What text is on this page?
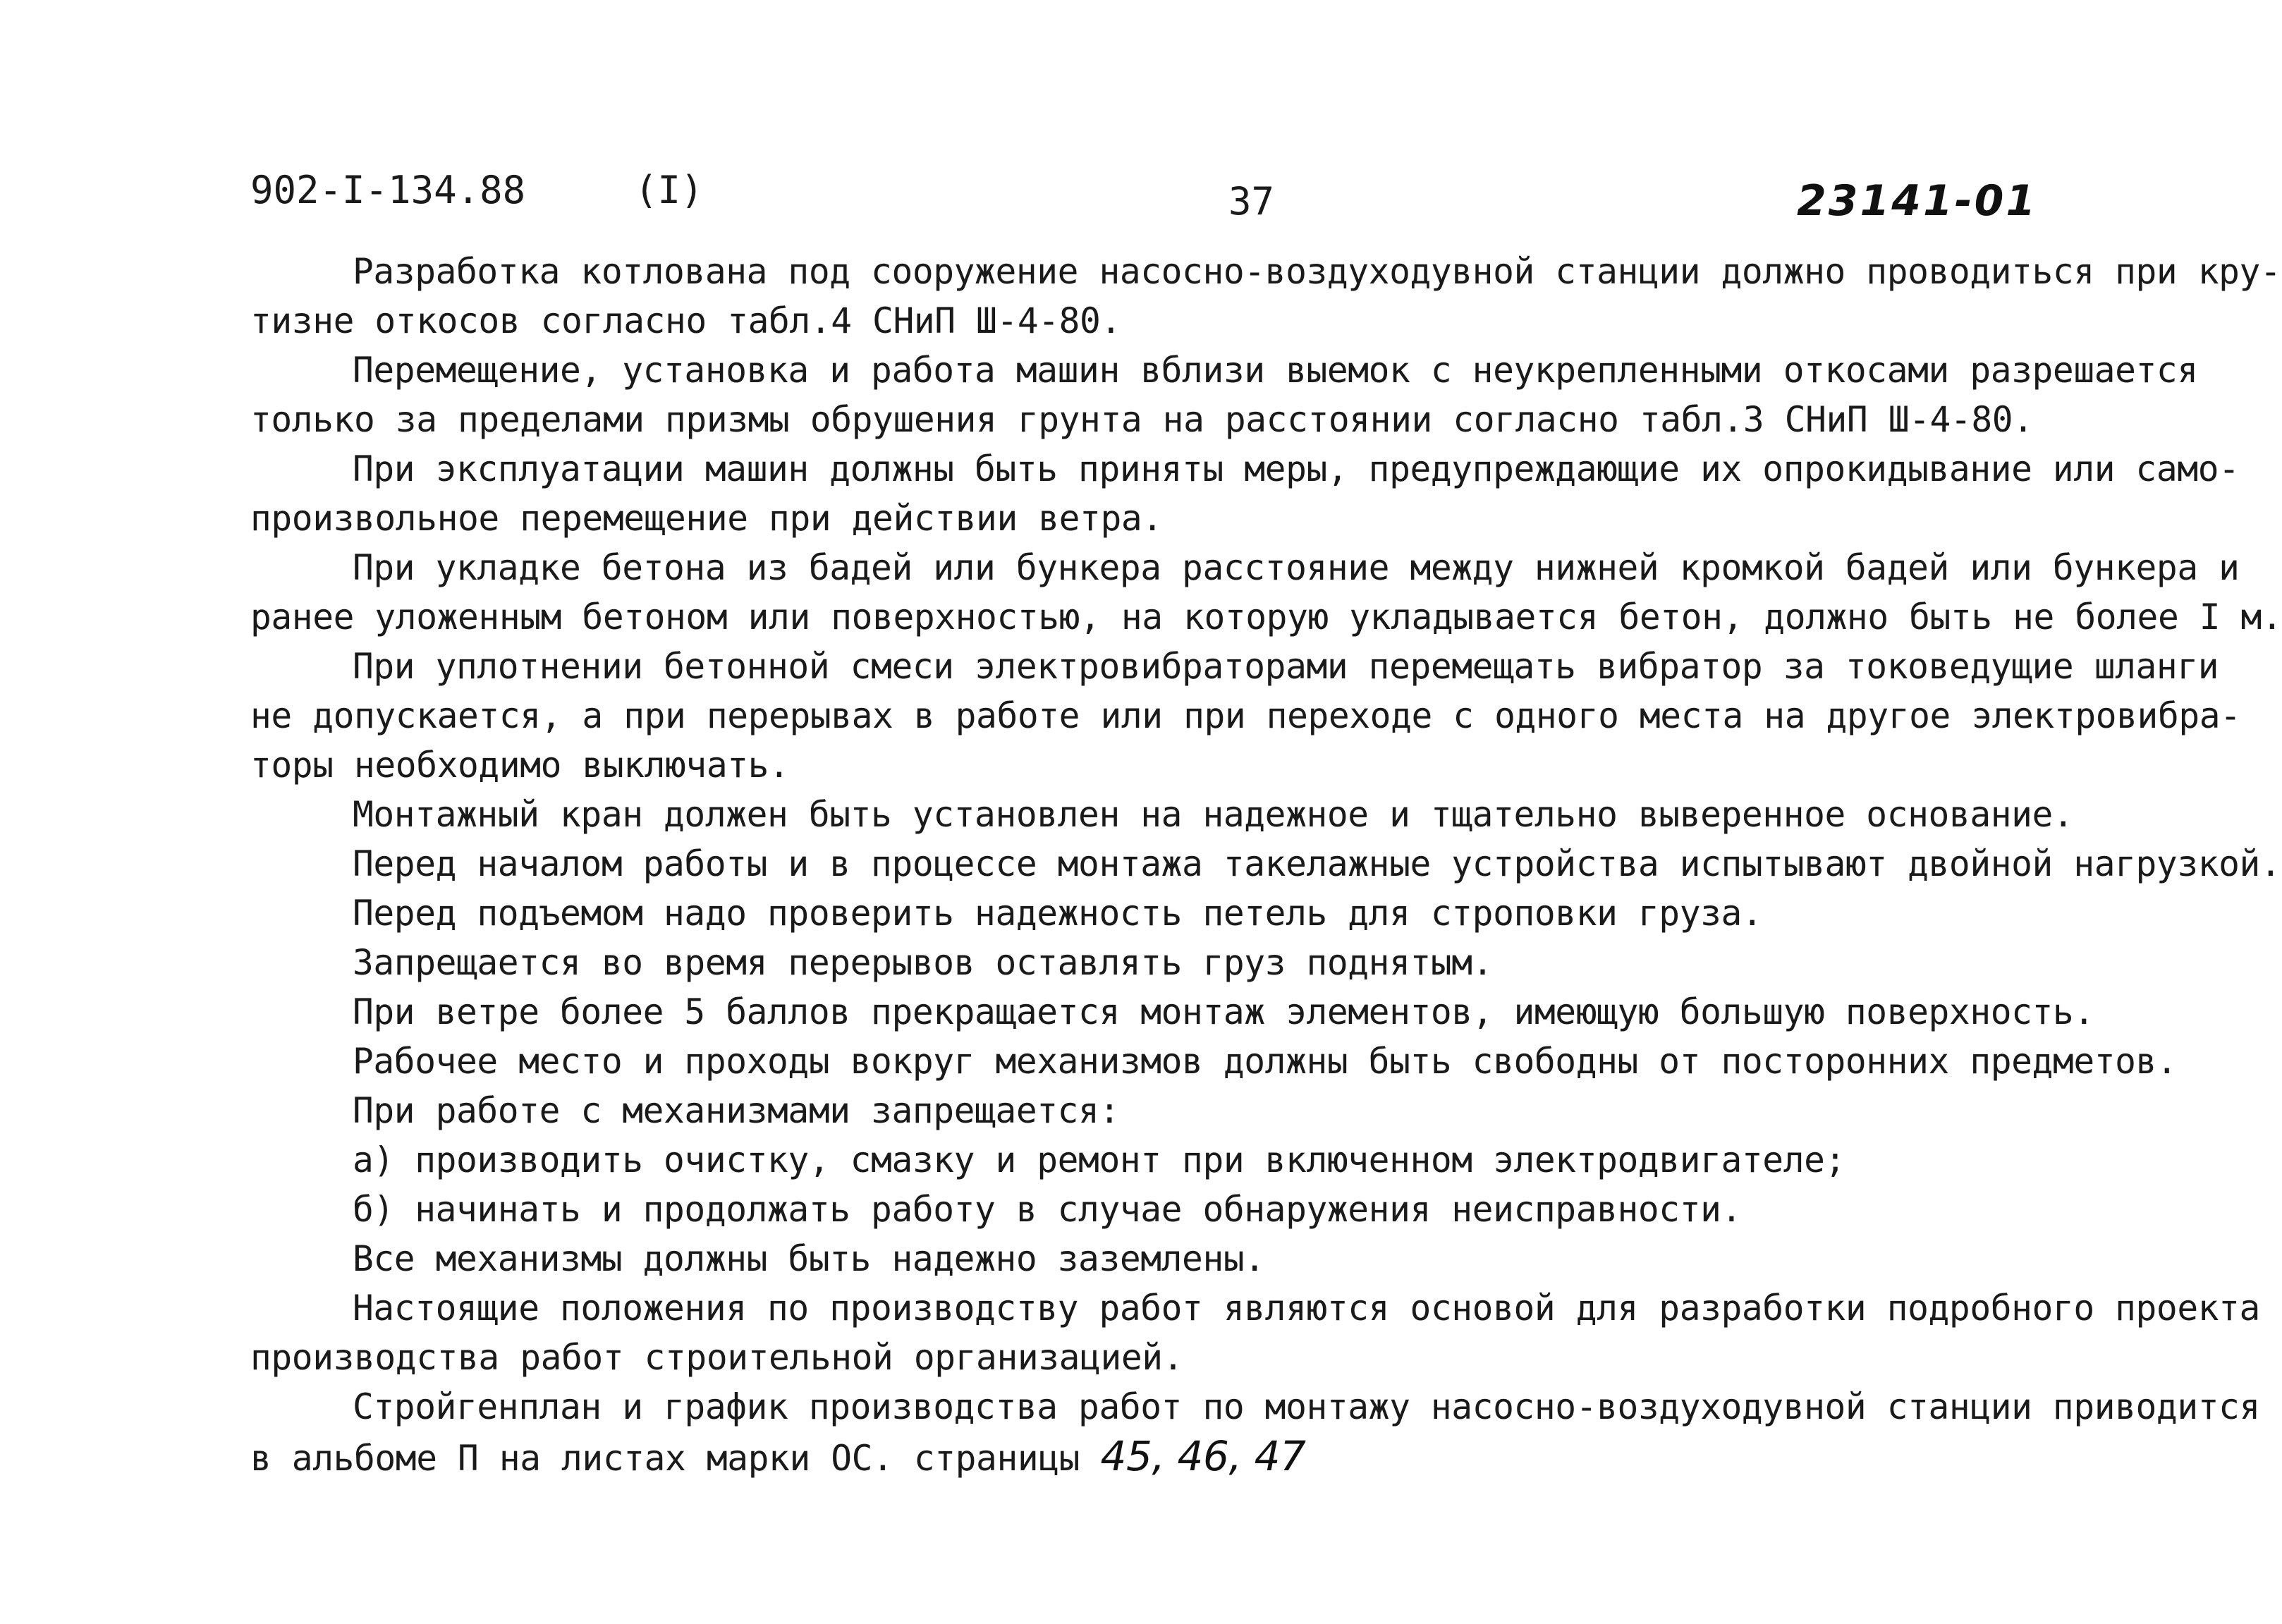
902-I-134.88	(I)	37	23141-01
Разработка котлована под сооружение насосно-воздуходувной станции должно проводиться при кру-
тизне откосов согласно табл.4 СНиП Ш-4-80.
Перемещение, установка и работа машин вблизи выемок с неукрепленными откосами разрешается
только за пределами призмы обрушения грунта на расстоянии согласно табл.3 СНиП Ш-4-80.
При эксплуатации машин должны быть приняты меры, предупреждающие их опрокидывание или само-
произвольное перемещение при действии ветра.
При укладке бетона из бадей или бункера расстояние между нижней кромкой бадей или бункера и
ранее уложенным бетоном или поверхностью, на которую укладывается бетон, должно быть не более I м.
При уплотнении бетонной смеси электровибраторами перемещать вибратор за токоведущие шланги
не допускается, а при перерывах в работе или при переходе с одного места на другое электровибра-
торы необходимо выключать.
Монтажный кран должен быть установлен на надежное и тщательно выверенное основание.
Перед началом работы и в процессе монтажа такелажные устройства испытывают двойной нагрузкой.
Перед подъемом надо проверить надежность петель для строповки груза.
Запрещается во время перерывов оставлять груз поднятым.
При ветре более 5 баллов прекращается монтаж элементов, имеющую большую поверхность.
Рабочее место и проходы вокруг механизмов должны быть свободны от посторонних предметов.
При работе с механизмами запрещается:
а) производить очистку, смазку и ремонт при включенном электродвигателе;
б) начинать и продолжать работу в случае обнаружения неисправности.
Все механизмы должны быть надежно заземлены.
Настоящие положения по производству работ являются основой для разработки подробного проекта
производства работ строительной организацией.
Стройгенплан и график производства работ по монтажу насосно-воздуходувной станции приводится
в альбоме П на листах марки ОС. страницы 45, 46, 47
